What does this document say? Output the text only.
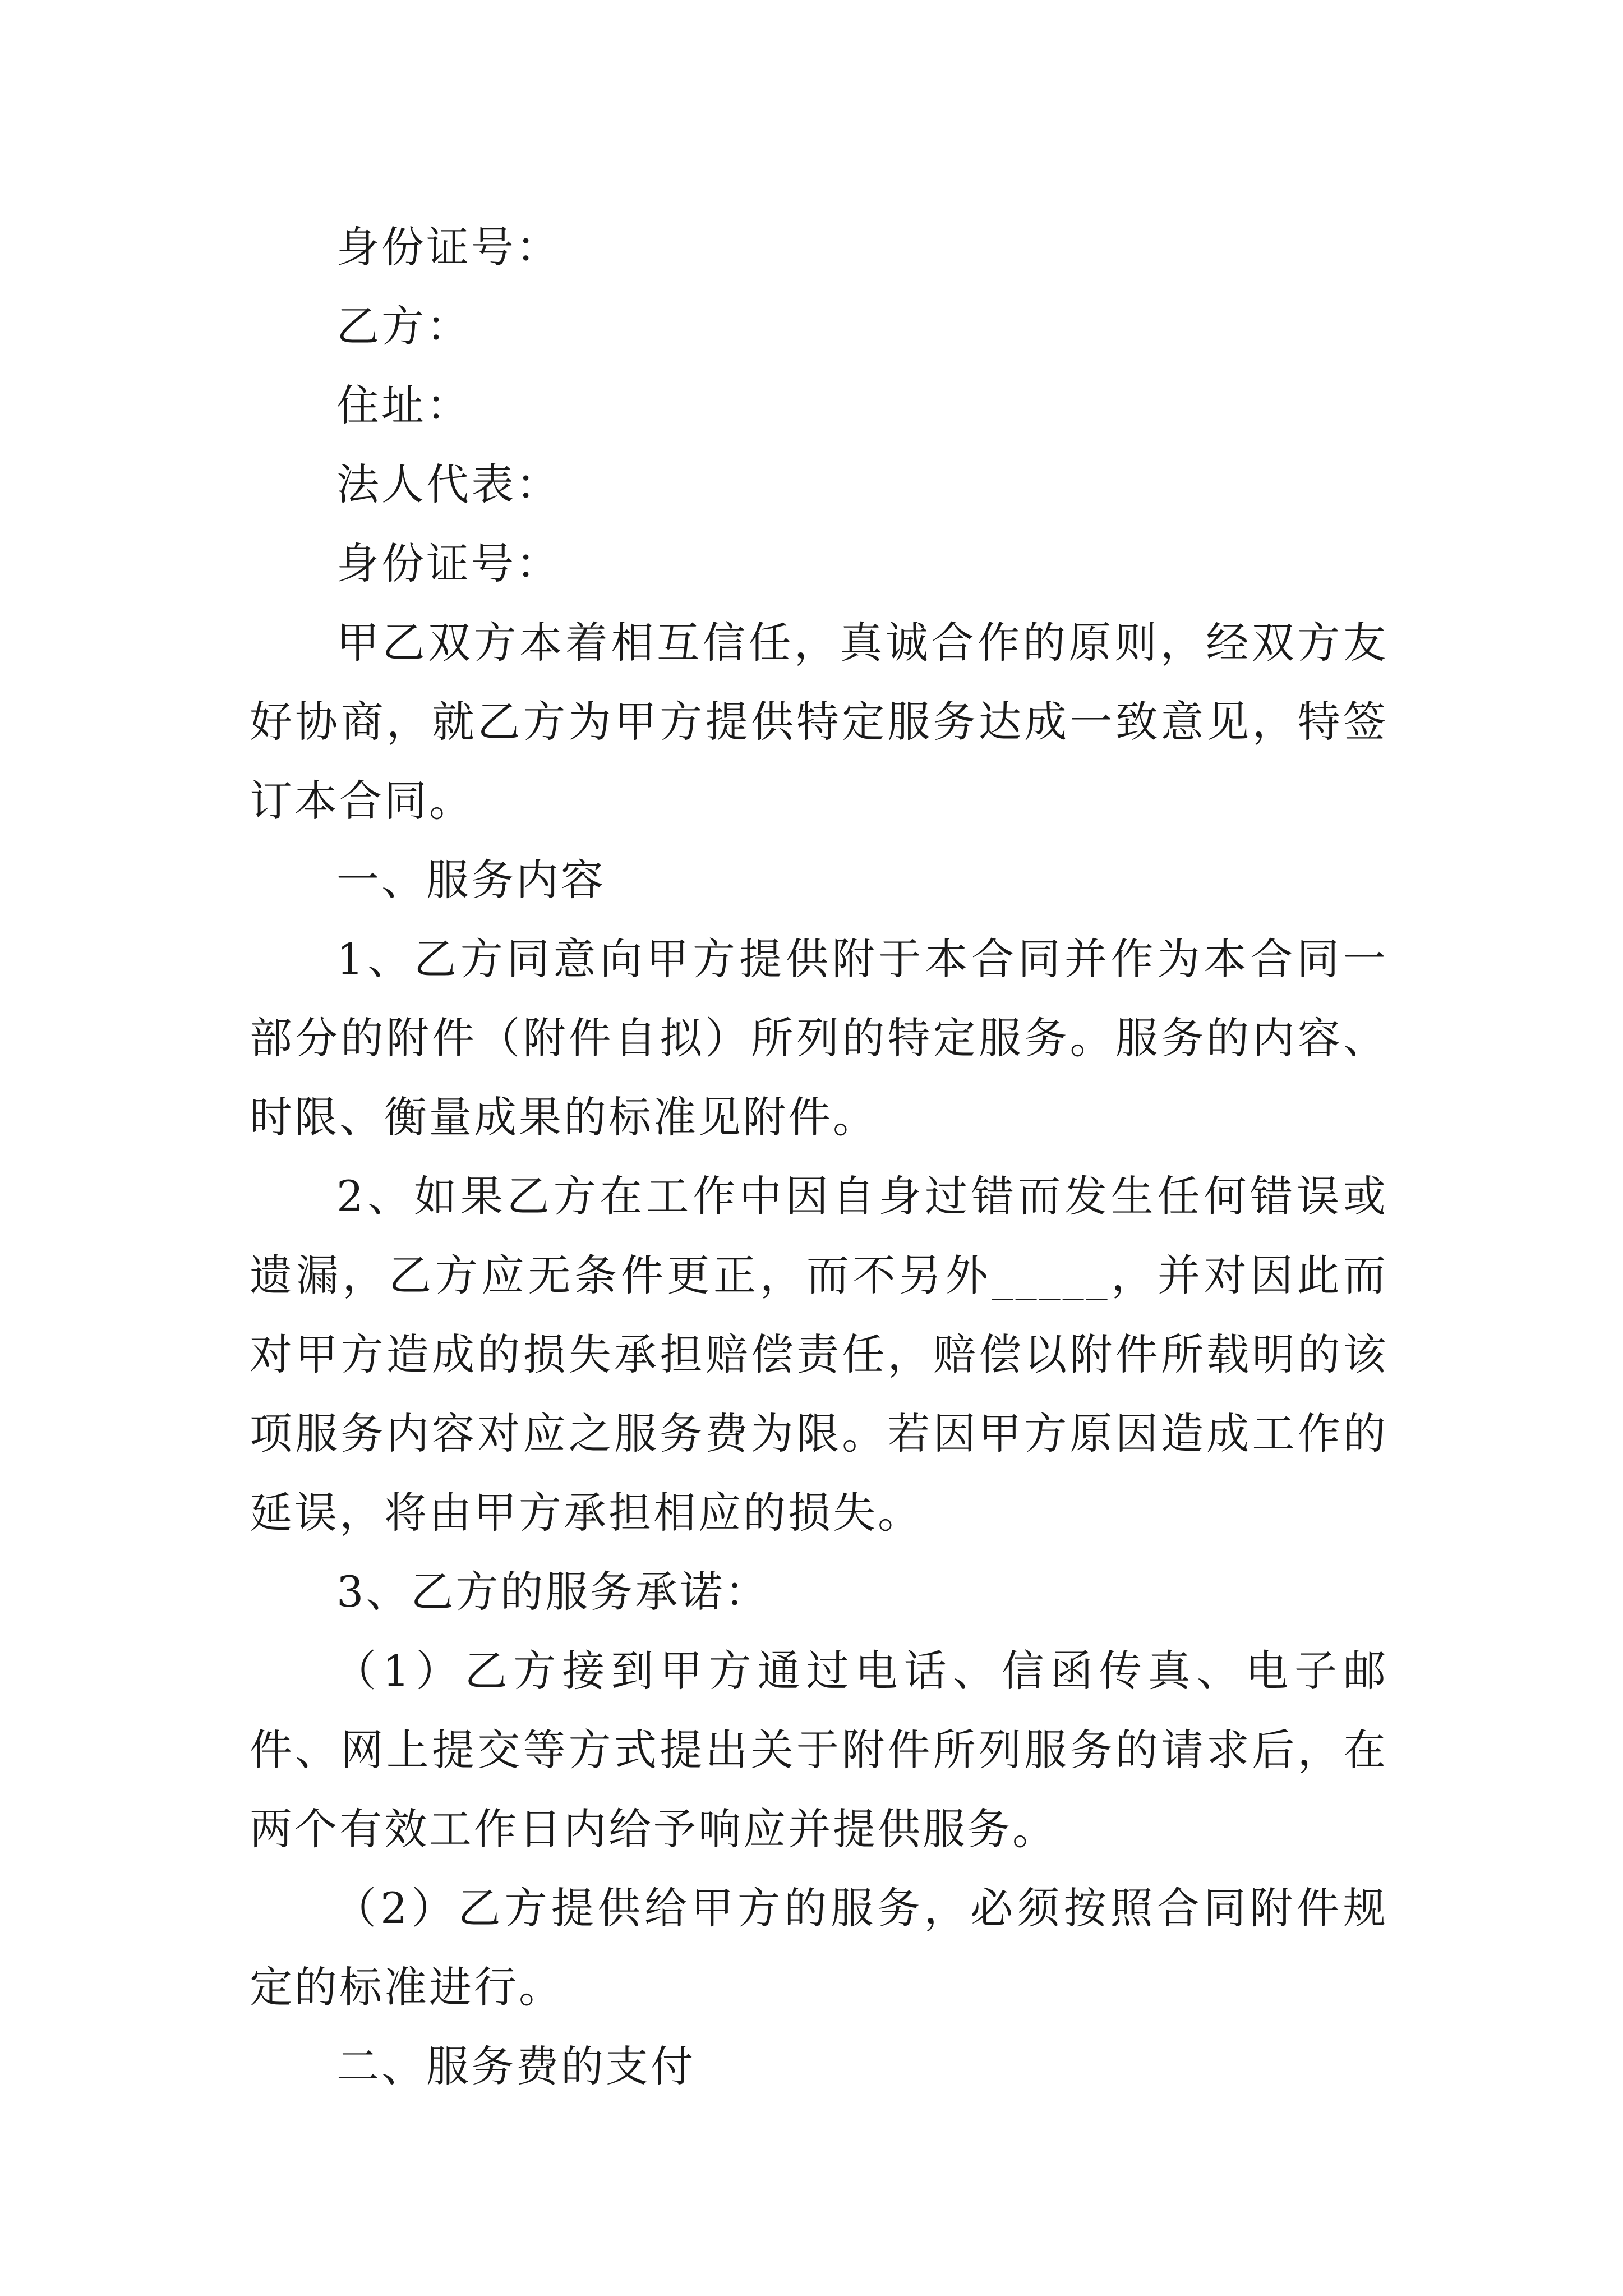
身份证号：

乙方：

住址：

法人代表：

身份证号：

甲乙双方本着相互信任，真诚合作的原则，经双方友好协商，就乙方为甲方提供特定服务达成一致意见，特签订本合同。

一、服务内容

1、乙方同意向甲方提供附于本合同并作为本合同一部分的附件（附件自拟）所列的特定服务。服务的内容、时限、衡量成果的标准见附件。

2、如果乙方在工作中因自身过错而发生任何错误或遗漏，乙方应无条件更正，而不另外_____，并对因此而对甲方造成的损失承担赔偿责任，赔偿以附件所载明的该项服务内容对应之服务费为限。若因甲方原因造成工作的延误，将由甲方承担相应的损失。

3、乙方的服务承诺：

（1）乙方接到甲方通过电话、信函传真、电子邮件、网上提交等方式提出关于附件所列服务的请求后，在两个有效工作日内给予响应并提供服务。

（2）乙方提供给甲方的服务，必须按照合同附件规定的标准进行。

二、服务费的支付
